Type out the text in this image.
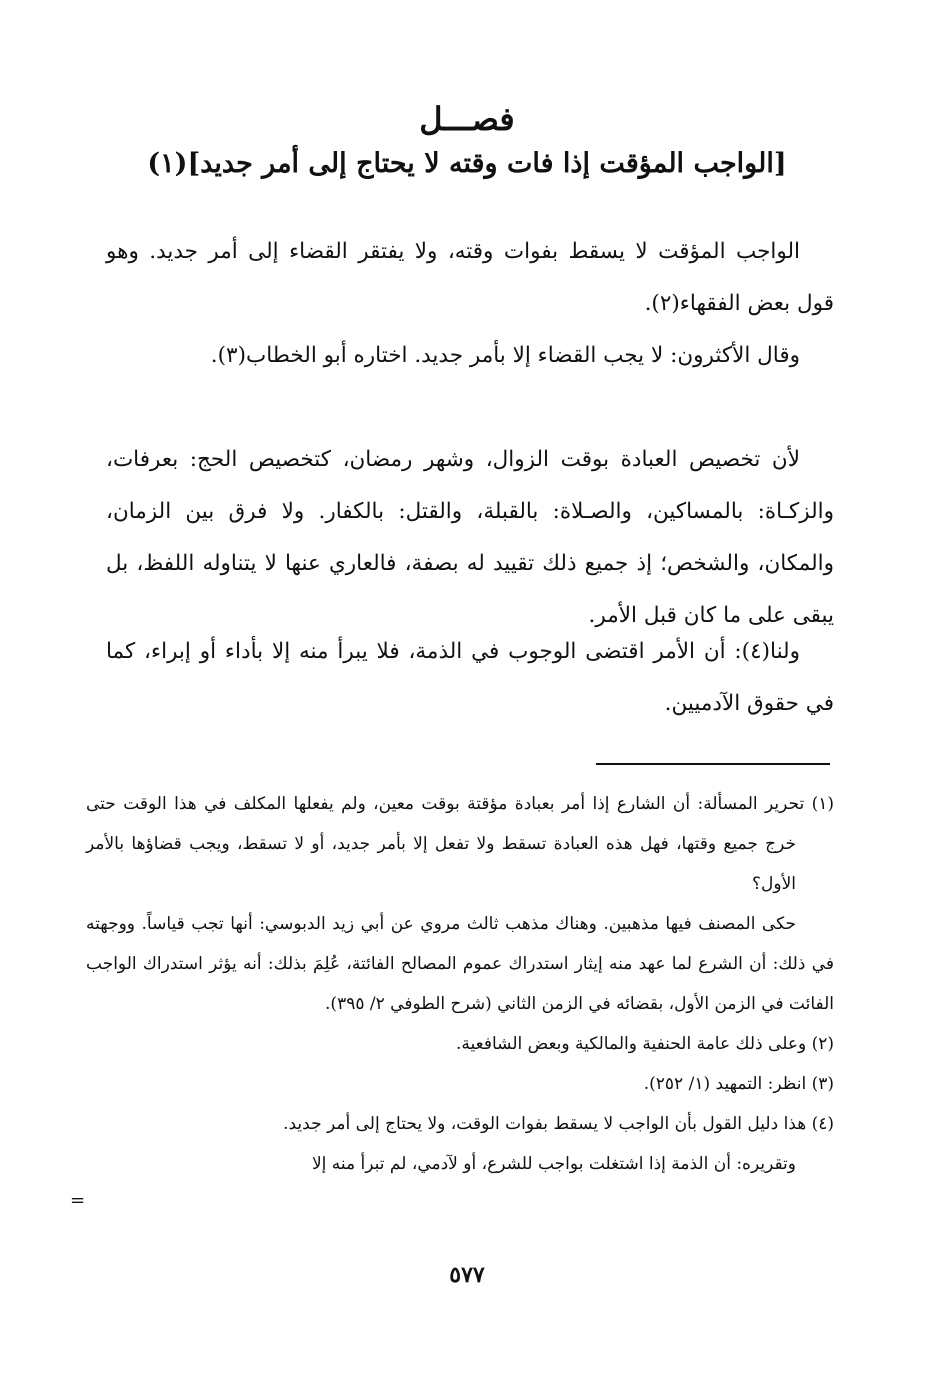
فصـــل
[الواجب المؤقت إذا فات وقته لا يحتاج إلى أمر جديد](١)

الواجب المؤقت لا يسقط بفوات وقته، ولا يفتقر القضاء إلى أمر جديد. وهو قول بعض الفقهاء(٢).

وقال الأكثرون: لا يجب القضاء إلا بأمر جديد. اختاره أبو الخطاب(٣).

لأن تخصيص العبادة بوقت الزوال، وشهر رمضان، كتخصيص الحج: بعرفات، والزكـاة: بالمساكين، والصـلاة: بالقبلة، والقتل: بالكفار. ولا فرق بين الزمان، والمكان، والشخص؛ إذ جميع ذلك تقييد له بصفة، فالعاري عنها لا يتناوله اللفظ، بل يبقى على ما كان قبل الأمر.

ولنا(٤): أن الأمر اقتضى الوجوب في الذمة، فلا يبرأ منه إلا بأداء أو إبراء، كما في حقوق الآدميين.

(١) تحرير المسألة: أن الشارع إذا أمر بعبادة مؤقتة بوقت معين، ولم يفعلها المكلف في هذا الوقت حتى خرج جميع وقتها، فهل هذه العبادة تسقط ولا تفعل إلا بأمر جديد، أو لا تسقط، ويجب قضاؤها بالأمر الأول؟

حكى المصنف فيها مذهبين. وهناك مذهب ثالث مروي عن أبي زيد الدبوسي: أنها تجب قياساً. ووجهته في ذلك: أن الشرع لما عهد منه إيثار استدراك عموم المصالح الفائتة، عُلِمَ بذلك: أنه يؤثر استدراك الواجب الفائت في الزمن الأول، بقضائه في الزمن الثاني (شرح الطوفي ٢/ ٣٩٥).

(٢) وعلى ذلك عامة الحنفية والمالكية وبعض الشافعية.

(٣) انظر: التمهيد (١/ ٢٥٢).

(٤) هذا دليل القول بأن الواجب لا يسقط بفوات الوقت، ولا يحتاج إلى أمر جديد.

وتقريره: أن الذمة إذا اشتغلت بواجب للشرع، أو لآدمي، لم تبرأ منه إلا

=
٥٧٧
